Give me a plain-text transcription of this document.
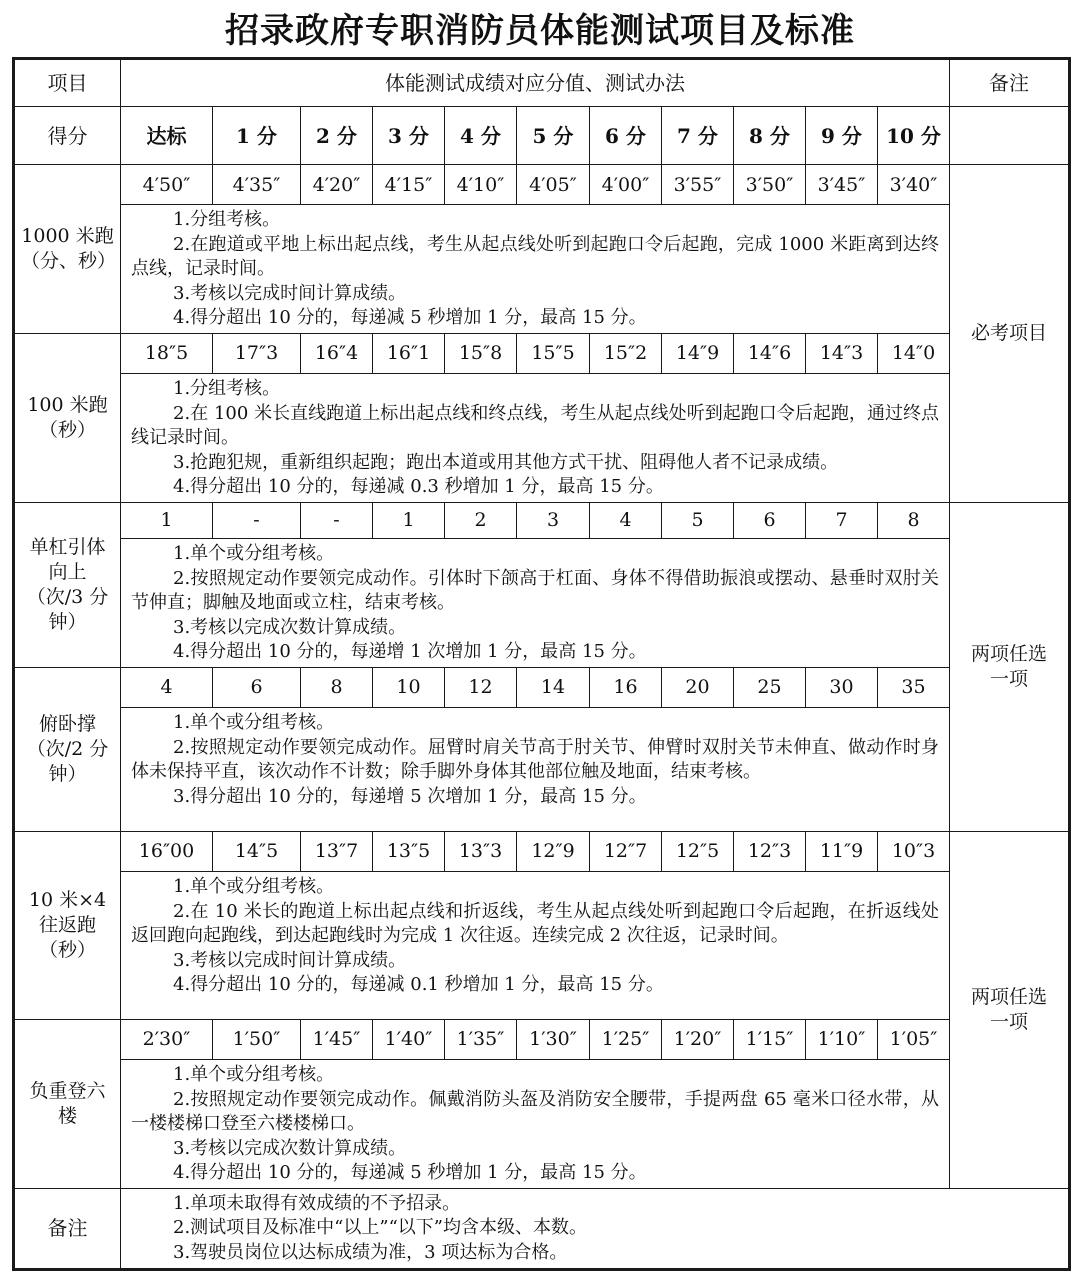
招录政府专职消防员体能测试项目及标准
项目	体能测试成绩对应分值、测试办法											备注
得分	达标	1 分	2 分	3 分	4 分	5 分	6 分	7 分	8 分	9 分	10 分	
1000 米跑（分、秒）	4′50″	4′35″	4′20″	4′15″	4′10″	4′05″	4′00″	3′55″	3′50″	3′45″	3′40″	必考项目

	1.分组考核。

2.在跑道或平地上标出起点线，考生从起点线处听到起跑口令后起跑，完成 1000 米距离到达终点线，记录时间。

3.考核以完成时间计算成绩。

4.得分超出 10 分的，每递减 5 秒增加 1 分，最高 15 分。											

100 米跑（秒）	18″5	17″3	16″4	16″1	15″8	15″5	15″2	14″9	14″6	14″3	14″0	

	1.分组考核。

2.在 100 米长直线跑道上标出起点线和终点线，考生从起点线处听到起跑口令后起跑，通过终点线记录时间。

3.抢跑犯规，重新组织起跑；跑出本道或用其他方式干扰、阻碍他人者不记录成绩。

4.得分超出 10 分的，每递减 0.3 秒增加 1 分，最高 15 分。											

单杠引体向上（次/3 分钟）	1	-	-	1	2	3	4	5	6	7	8	两项任选一项

	1.单个或分组考核。

2.按照规定动作要领完成动作。引体时下颌高于杠面、身体不得借助振浪或摆动、悬垂时双肘关节伸直；脚触及地面或立柱，结束考核。

3.考核以完成次数计算成绩。

4.得分超出 10 分的，每递增 1 次增加 1 分，最高 15 分。											

俯卧撑（次/2 分钟）	4	6	8	10	12	14	16	20	25	30	35	

	1.单个或分组考核。

2.按照规定动作要领完成动作。屈臂时肩关节高于肘关节、伸臂时双肘关节未伸直、做动作时身体未保持平直，该次动作不计数；除手脚外身体其他部位触及地面，结束考核。

3.得分超出 10 分的，每递增 5 次增加 1 分，最高 15 分。											

10 米×4 往返跑（秒）	16″00	14″5	13″7	13″5	13″3	12″9	12″7	12″5	12″3	11″9	10″3	两项任选一项

	1.单个或分组考核。

2.在 10 米长的跑道上标出起点线和折返线，考生从起点线处听到起跑口令后起跑，在折返线处返回跑向起跑线，到达起跑线时为完成 1 次往返。连续完成 2 次往返，记录时间。

3.考核以完成时间计算成绩。

4.得分超出 10 分的，每递减 0.1 秒增加 1 分，最高 15 分。											

负重登六楼	2′30″	1′50″	1′45″	1′40″	1′35″	1′30″	1′25″	1′20″	1′15″	1′10″	1′05″	

	1.单个或分组考核。

2.按照规定动作要领完成动作。佩戴消防头盔及消防安全腰带，手提两盘 65 毫米口径水带，从一楼楼梯口登至六楼楼梯口。

3.考核以完成次数计算成绩。

4.得分超出 10 分的，每递减 5 秒增加 1 分，最高 15 分。											

备注	1.单项未取得有效成绩的不予招录。

2.测试项目及标准中“以上”“以下”均含本级、本数。

3.驾驶员岗位以达标成绩为准，3 项达标为合格。											
